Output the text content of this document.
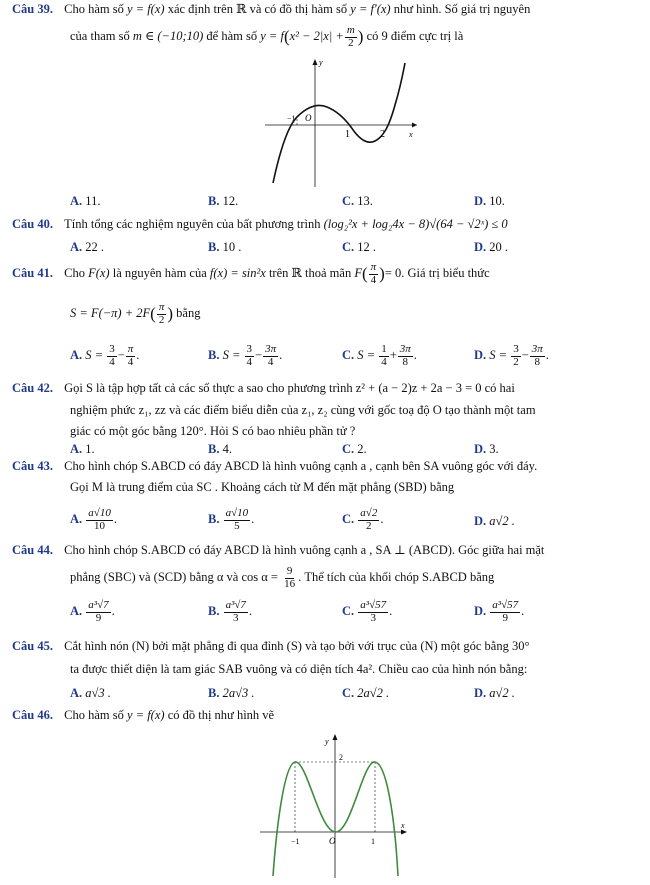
Câu 39. Cho hàm số y = f(x) xác định trên ℝ và có đồ thị hàm số y = f′(x) như hình. Số giá trị nguyên
của tham số m ∈ (−10;10) để hàm số $y = f(x^2 - 2|x| + \frac{m}{2}$ ) có 9 điểm cực trị là
y
x
O
−1
1	2
A. 11.	B. 12.	C. 13.	D. 10.
Câu 40. Tính tổng các nghiệm nguyên của bất phương trình (log₂²x + log₂4x − 8)√(64 − √2ˣ) ≤ 0
A. 22 .	B. 10 .	C. 12 .	D. 20 .
Câu 41. Cho F(x) là nguyên hàm của f(x) = sin²x trên ℝ thoả mãn $F( \frac{\pi}{4}$ )= 0. Giá trị biểu thức
$S = F(-\pi) + 2F( \frac{\pi}{2}$ ) bằng
A. $S = \frac{3}{4} - \frac{\pi}{4}$ .	B. $S = \frac{3}{4} - \frac{3\pi}{4}$ .	C. $S = \frac{1}{4} + \frac{3\pi}{8}$ .	D. $S = \frac{3}{2} - \frac{3\pi}{8}$ .
Câu 42. Gọi S là tập hợp tất cả các số thực a sao cho phương trình z² + (a − 2)z + 2a − 3 = 0 có hai
nghiệm phức z₁, zz và các điểm biểu diễn của z₁, z₂ cùng với gốc toạ độ O tạo thành một tam
giác có một góc bằng 120°. Hỏi S có bao nhiêu phần tử ?
A. 1.	B. 4.	C. 2.	D. 3.
Câu 43. Cho hình chóp S.ABCD có đáy ABCD là hình vuông cạnh a , cạnh bên SA vuông góc với đáy.
Gọi M là trung điểm của SC . Khoảng cách từ M đến mặt phẳng (SBD) bằng
A. $\frac{a√10}{10}$ .	B. $\frac{a√10}{5}$ .	C. $\frac{a√2}{2}$ .	D. a√2 .
Câu 44. Cho hình chóp S.ABCD có đáy ABCD là hình vuông cạnh a , SA ⊥ (ABCD). Góc giữa hai mặt
phẳng (SBC) và (SCD) bằng α và $\cos \alpha = \frac{9}{16}$ . Thể tích của khối chóp S.ABCD bằng
A. $\frac{\text{a³√7}}{9}$ .	B. $\frac{\text{a³√7}}{3}$ .	C. $\frac{\text{a³√57}}{3}$ .	D. $\frac{\text{a³√57}}{9}$ .
Câu 45. Cắt hình nón (N) bởi mặt phẳng đi qua đỉnh (S) và tạo bởi với trục của (N) một góc bằng 30°
ta được thiết diện là tam giác SAB vuông và có diện tích 4a². Chiều cao của hình nón bằng:
A. a√3 .	B. 2a√3 .	C. 2a√2 .	D. a√2 .
Câu 46. Cho hàm số y = f(x) có đồ thị như hình vẽ
y
x
O
−1	1
2
